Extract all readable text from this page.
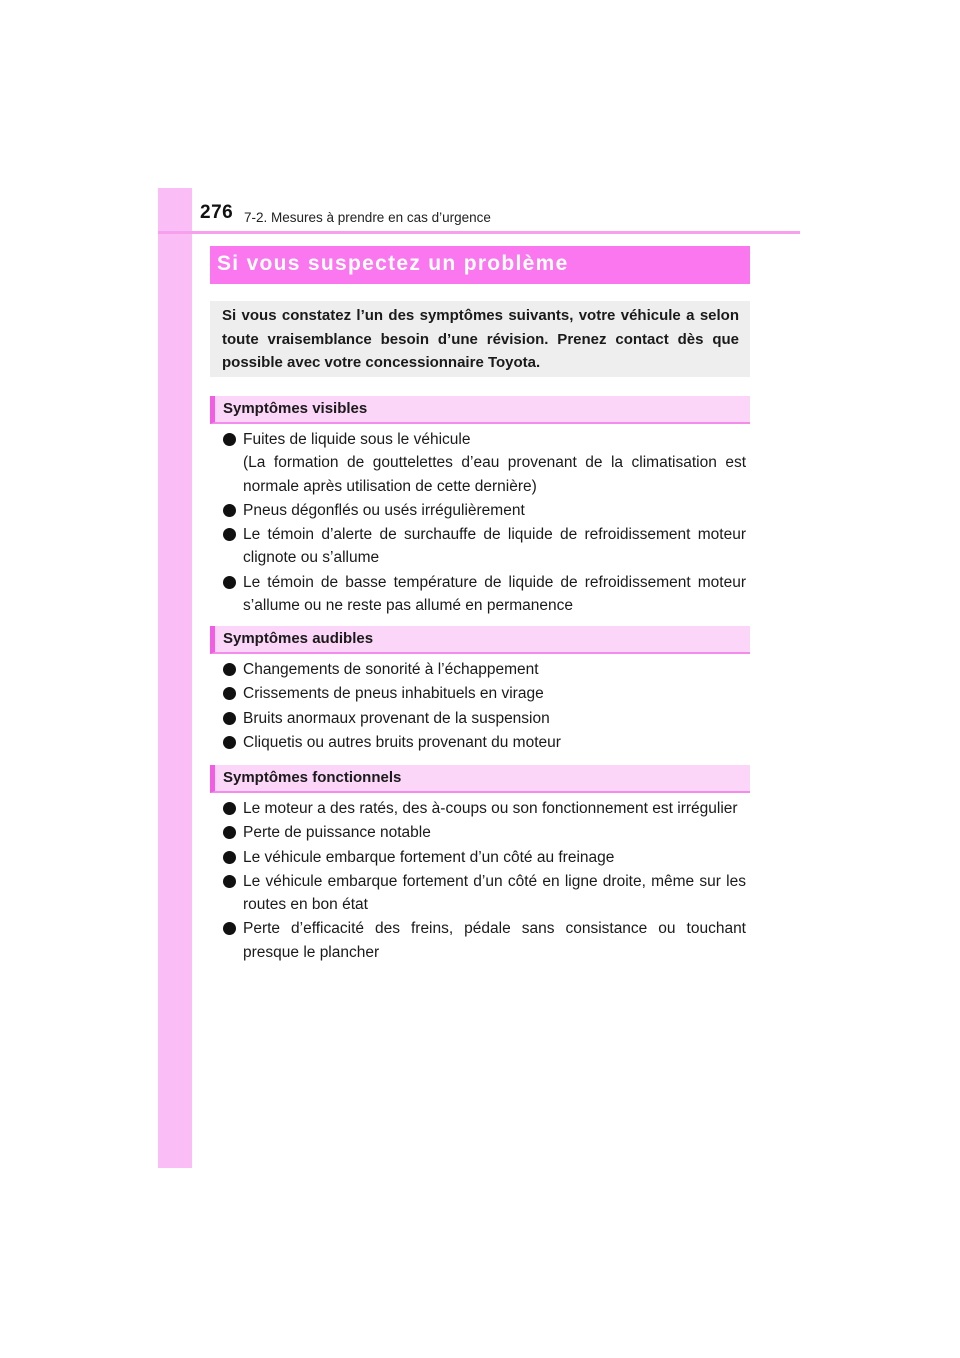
276 7-2. Mesures à prendre en cas d’urgence
Si vous suspectez un problème
Si vous constatez l’un des symptômes suivants, votre véhicule a selon toute vraisemblance besoin d’une révision. Prenez contact dès que possible avec votre concessionnaire Toyota.
Symptômes visibles
Fuites de liquide sous le véhicule
(La formation de gouttelettes d’eau provenant de la climatisation est normale après utilisation de cette dernière)
Pneus dégonflés ou usés irrégulièrement
Le témoin d’alerte de surchauffe de liquide de refroidissement moteur clignote ou s’allume
Le témoin de basse température de liquide de refroidissement moteur s’allume ou ne reste pas allumé en permanence
Symptômes audibles
Changements de sonorité à l’échappement
Crissements de pneus inhabituels en virage
Bruits anormaux provenant de la suspension
Cliquetis ou autres bruits provenant du moteur
Symptômes fonctionnels
Le moteur a des ratés, des à-coups ou son fonctionnement est irrégulier
Perte de puissance notable
Le véhicule embarque fortement d’un côté au freinage
Le véhicule embarque fortement d’un côté en ligne droite, même sur les routes en bon état
Perte d’efficacité des freins, pédale sans consistance ou touchant presque le plancher
